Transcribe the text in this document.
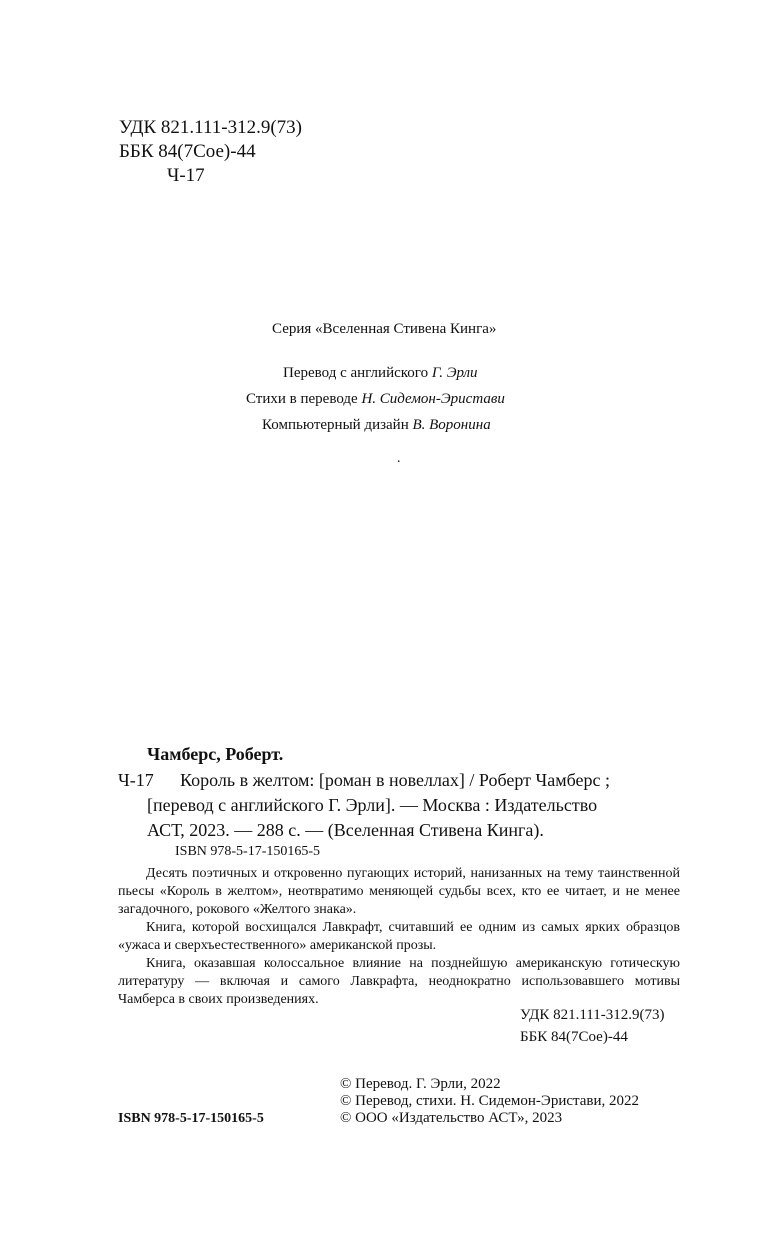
УДК 821.111-312.9(73)
ББК 84(7Сое)-44
Ч-17
Серия «Вселенная Стивена Кинга»
Перевод с английского Г. Эрли
Стихи в переводе Н. Сидемон-Эристави
Компьютерный дизайн В. Воронина
.
Чамберс, Роберт.
Ч-17 Король в желтом: [роман в новеллах] / Роберт Чамберс ;
[перевод с английского Г. Эрли]. — Москва : Издательство
АСТ, 2023. — 288 с. — (Вселенная Стивена Кинга).
ISBN 978-5-17-150165-5

Десять поэтичных и откровенно пугающих историй, нанизанных на тему таинственной пьесы «Король в желтом», неотвратимо меняющей судьбы всех, кто ее читает, и не менее загадочного, рокового «Желтого знака».

Книга, которой восхищался Лавкрафт, считавший ее одним из самых ярких образцов «ужаса и сверхъестественного» американской прозы.

Книга, оказавшая колоссальное влияние на позднейшую американскую готическую литературу — включая и самого Лавкрафта, неоднократно использовавшего мотивы Чамберса в своих произведениях.

УДК 821.111-312.9(73)
ББК 84(7Сое)-44
© Перевод. Г. Эрли, 2022
© Перевод, стихи. Н. Сидемон-Эристави, 2022
© ООО «Издательство АСТ», 2023
ISBN 978-5-17-150165-5
